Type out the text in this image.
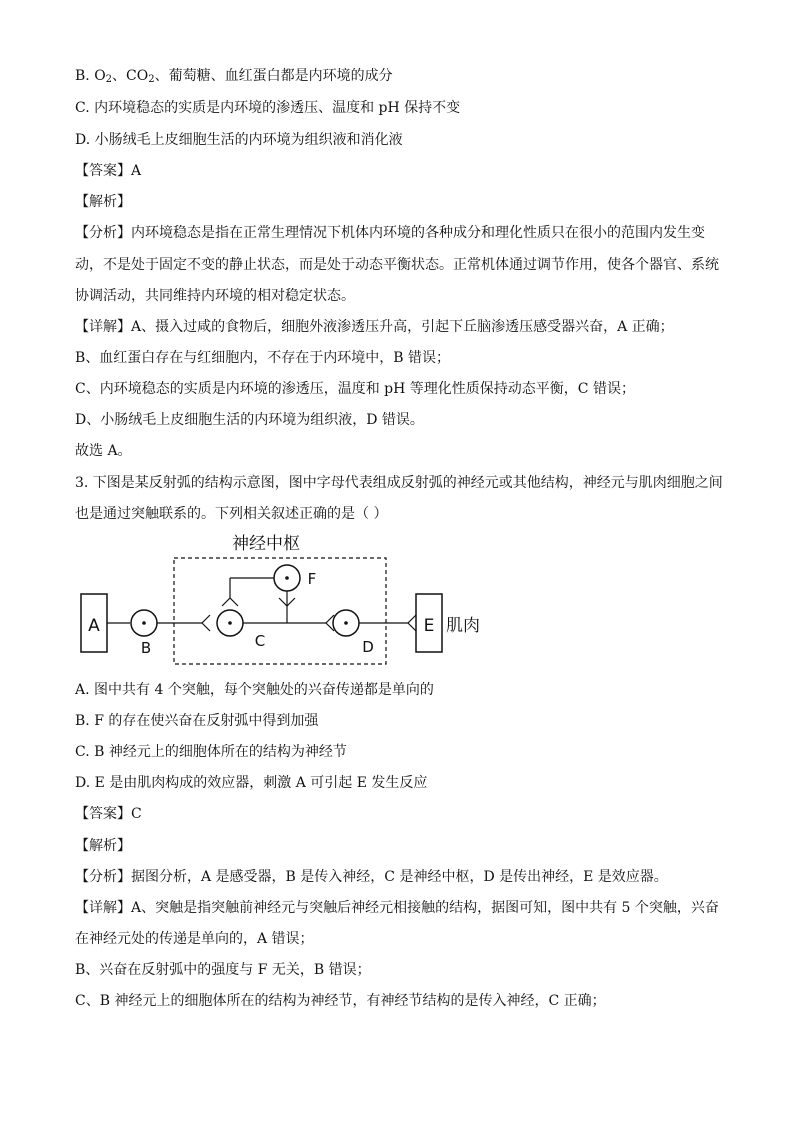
B. $O_2$、$CO_2$、葡萄糖、血红蛋白都是内环境的成分
C. 内环境稳态的实质是内环境的渗透压、温度和 pH 保持不变
D. 小肠绒毛上皮细胞生活的内环境为组织液和消化液
【答案】A
【解析】
【分析】内环境稳态是指在正常生理情况下机体内环境的各种成分和理化性质只在很小的范围内发生变
动，不是处于固定不变的静止状态，而是处于动态平衡状态。正常机体通过调节作用，使各个器官、系统
协调活动，共同维持内环境的相对稳定状态。
【详解】A、摄入过咸的食物后，细胞外液渗透压升高，引起下丘脑渗透压感受器兴奋，A 正确；
B、血红蛋白存在与红细胞内，不存在于内环境中，B 错误；
C、内环境稳态的实质是内环境的渗透压，温度和 pH 等理化性质保持动态平衡，C 错误；
D、小肠绒毛上皮细胞生活的内环境为组织液，D 错误。
故选 A。
3. 下图是某反射弧的结构示意图，图中字母代表组成反射弧的神经元或其他结构，神经元与肌肉细胞之间
也是通过突触联系的。下列相关叙述正确的是（ ）
神经中枢
A
B
F
C	D
E 肌肉
A. 图中共有 4 个突触，每个突触处的兴奋传递都是单向的
B. F 的存在使兴奋在反射弧中得到加强
C. B 神经元上的细胞体所在的结构为神经节
D. E 是由肌肉构成的效应器，刺激 A 可引起 E 发生反应
【答案】C
【解析】
【分析】据图分析，A 是感受器，B 是传入神经，C 是神经中枢，D 是传出神经，E 是效应器。
【详解】A、突触是指突触前神经元与突触后神经元相接触的结构，据图可知，图中共有 5 个突触，兴奋
在神经元处的传递是单向的，A 错误；
B、兴奋在反射弧中的强度与 F 无关，B 错误；
C、B 神经元上的细胞体所在的结构为神经节，有神经节结构的是传入神经，C 正确；
